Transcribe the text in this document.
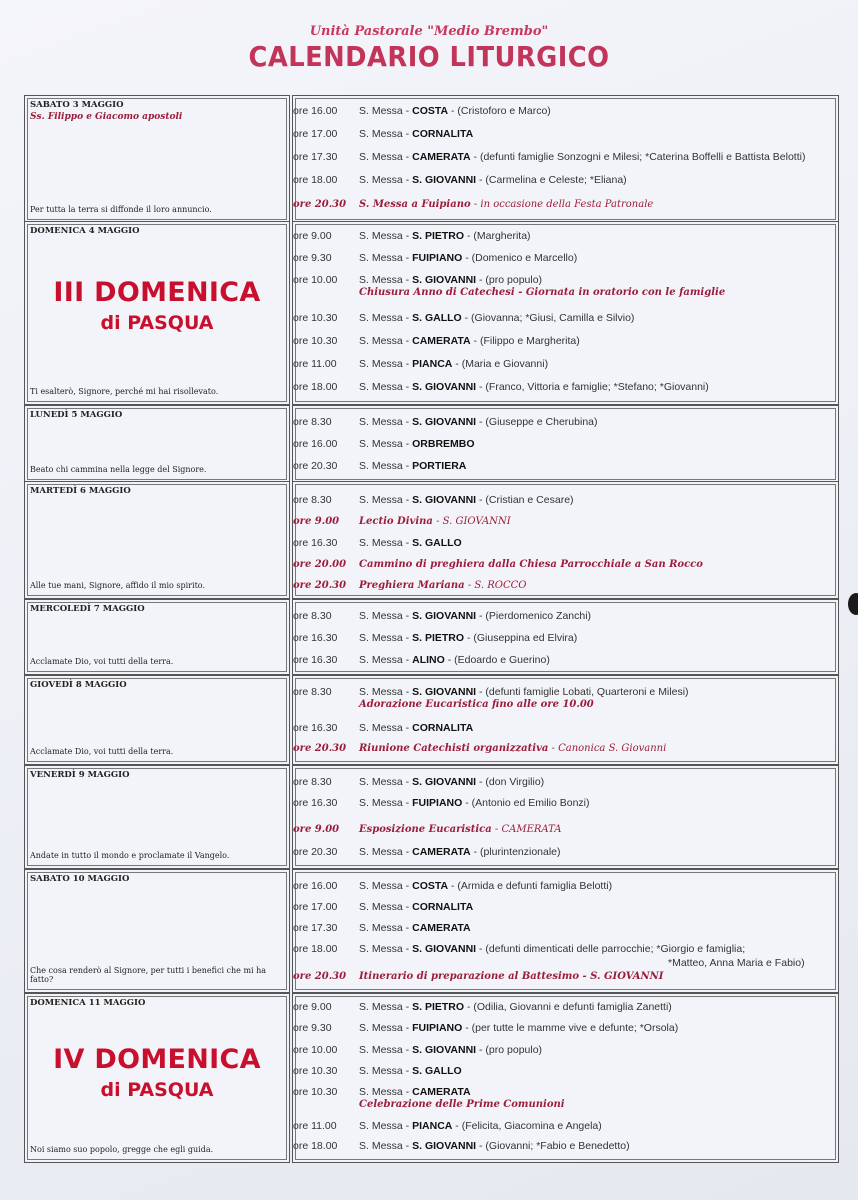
Unità Pastorale "Medio Brembo"
CALENDARIO LITURGICO
SABATO 3 MAGGIO
Ss. Filippo e Giacomo apostoli
Per tutta la terra si diffonde il loro annuncio.
ore 16.00 S. Messa - COSTA - (Cristoforo e Marco)
ore 17.00 S. Messa - CORNALITA
ore 17.30 S. Messa - CAMERATA - (defunti famiglie Sonzogni e Milesi; *Caterina Boffelli e Battista Belotti)
ore 18.00 S. Messa - S. GIOVANNI - (Carmelina e Celeste; *Eliana)
ore 20.30 S. Messa a Fuipiano - in occasione della Festa Patronale
DOMENICA 4 MAGGIO
III DOMENICA
di PASQUA
Ti esalterò, Signore, perché mi hai risollevato.
ore 9.00	S. Messa - S. PIETRO - (Margherita)
ore 9.30	S. Messa - FUIPIANO - (Domenico e Marcello)
ore 10.00 S. Messa - S. GIOVANNI - (pro populo)
Chiusura Anno di Catechesi - Giornata in oratorio con le famiglie
ore 10.30 S. Messa - S. GALLO - (Giovanna; *Giusi, Camilla e Silvio)
ore 10.30 S. Messa - CAMERATA - (Filippo e Margherita)
ore 11.00 S. Messa - PIANCA - (Maria e Giovanni)
ore 18.00 S. Messa - S. GIOVANNI - (Franco, Vittoria e famiglie; *Stefano; *Giovanni)
LUNEDÌ 5 MAGGIO
Beato chi cammina nella legge del Signore.
ore 8.30	S. Messa - S. GIOVANNI - (Giuseppe e Cherubina)
ore 16.00 S. Messa - ORBREMBO
ore 20.30 S. Messa - PORTIERA
MARTEDÌ 6 MAGGIO
Alle tue mani, Signore, affido il mio spirito.
ore 8.30	S. Messa - S. GIOVANNI - (Cristian e Cesare)
ore 9.00 Lectio Divina - S. GIOVANNI
ore 16.30 S. Messa - S. GALLO
ore 20.00 Cammino di preghiera dalla Chiesa Parrocchiale a San Rocco
ore 20.30 Preghiera Mariana - S. ROCCO
MERCOLEDÌ 7 MAGGIO
Acclamate Dio, voi tutti della terra.
ore 8.30	S. Messa - S. GIOVANNI - (Pierdomenico Zanchi)
ore 16.30 S. Messa - S. PIETRO - (Giuseppina ed Elvira)
ore 16.30 S. Messa - ALINO - (Edoardo e Guerino)
GIOVEDÌ 8 MAGGIO
Acclamate Dio, voi tutti della terra.
ore 8.30	S. Messa - S. GIOVANNI - (defunti famiglie Lobati, Quarteroni e Milesi)
Adorazione Eucaristica fino alle ore 10.00
ore 16.30 S. Messa - CORNALITA
ore 20.30 Riunione Catechisti organizzativa - Canonica S. Giovanni
VENERDÌ 9 MAGGIO
Andate in tutto il mondo e proclamate il Vangelo.
ore 8.30	S. Messa - S. GIOVANNI - (don Virgilio)
ore 16.30 S. Messa - FUIPIANO - (Antonio ed Emilio Bonzi)
ore 9.00 Esposizione Eucaristica - CAMERATA
ore 20.30 S. Messa - CAMERATA - (plurintenzionale)
SABATO 10 MAGGIO
Che cosa renderò al Signore, per tutti i benefici che mi ha fatto?
ore 16.00 S. Messa - COSTA - (Armida e defunti famiglia Belotti)
ore 17.00 S. Messa - CORNALITA
ore 17.30 S. Messa - CAMERATA
ore 18.00 S. Messa - S. GIOVANNI - (defunti dimenticati delle parrocchie; *Giorgio e famiglia;
*Matteo, Anna Maria e Fabio)
ore 20.30 Itinerario di preparazione al Battesimo - S. GIOVANNI
DOMENICA 11 MAGGIO
IV DOMENICA
di PASQUA
Noi siamo suo popolo, gregge che egli guida.
ore 9.00	S. Messa - S. PIETRO - (Odilia, Giovanni e defunti famiglia Zanetti)
ore 9.30	S. Messa - FUIPIANO - (per tutte le mamme vive e defunte; *Orsola)
ore 10.00 S. Messa - S. GIOVANNI - (pro populo)
ore 10.30 S. Messa - S. GALLO
ore 10.30 S. Messa - CAMERATA
Celebrazione delle Prime Comunioni
ore 11.00 S. Messa - PIANCA - (Felicita, Giacomina e Angela)
ore 18.00 S. Messa - S. GIOVANNI - (Giovanni; *Fabio e Benedetto)
